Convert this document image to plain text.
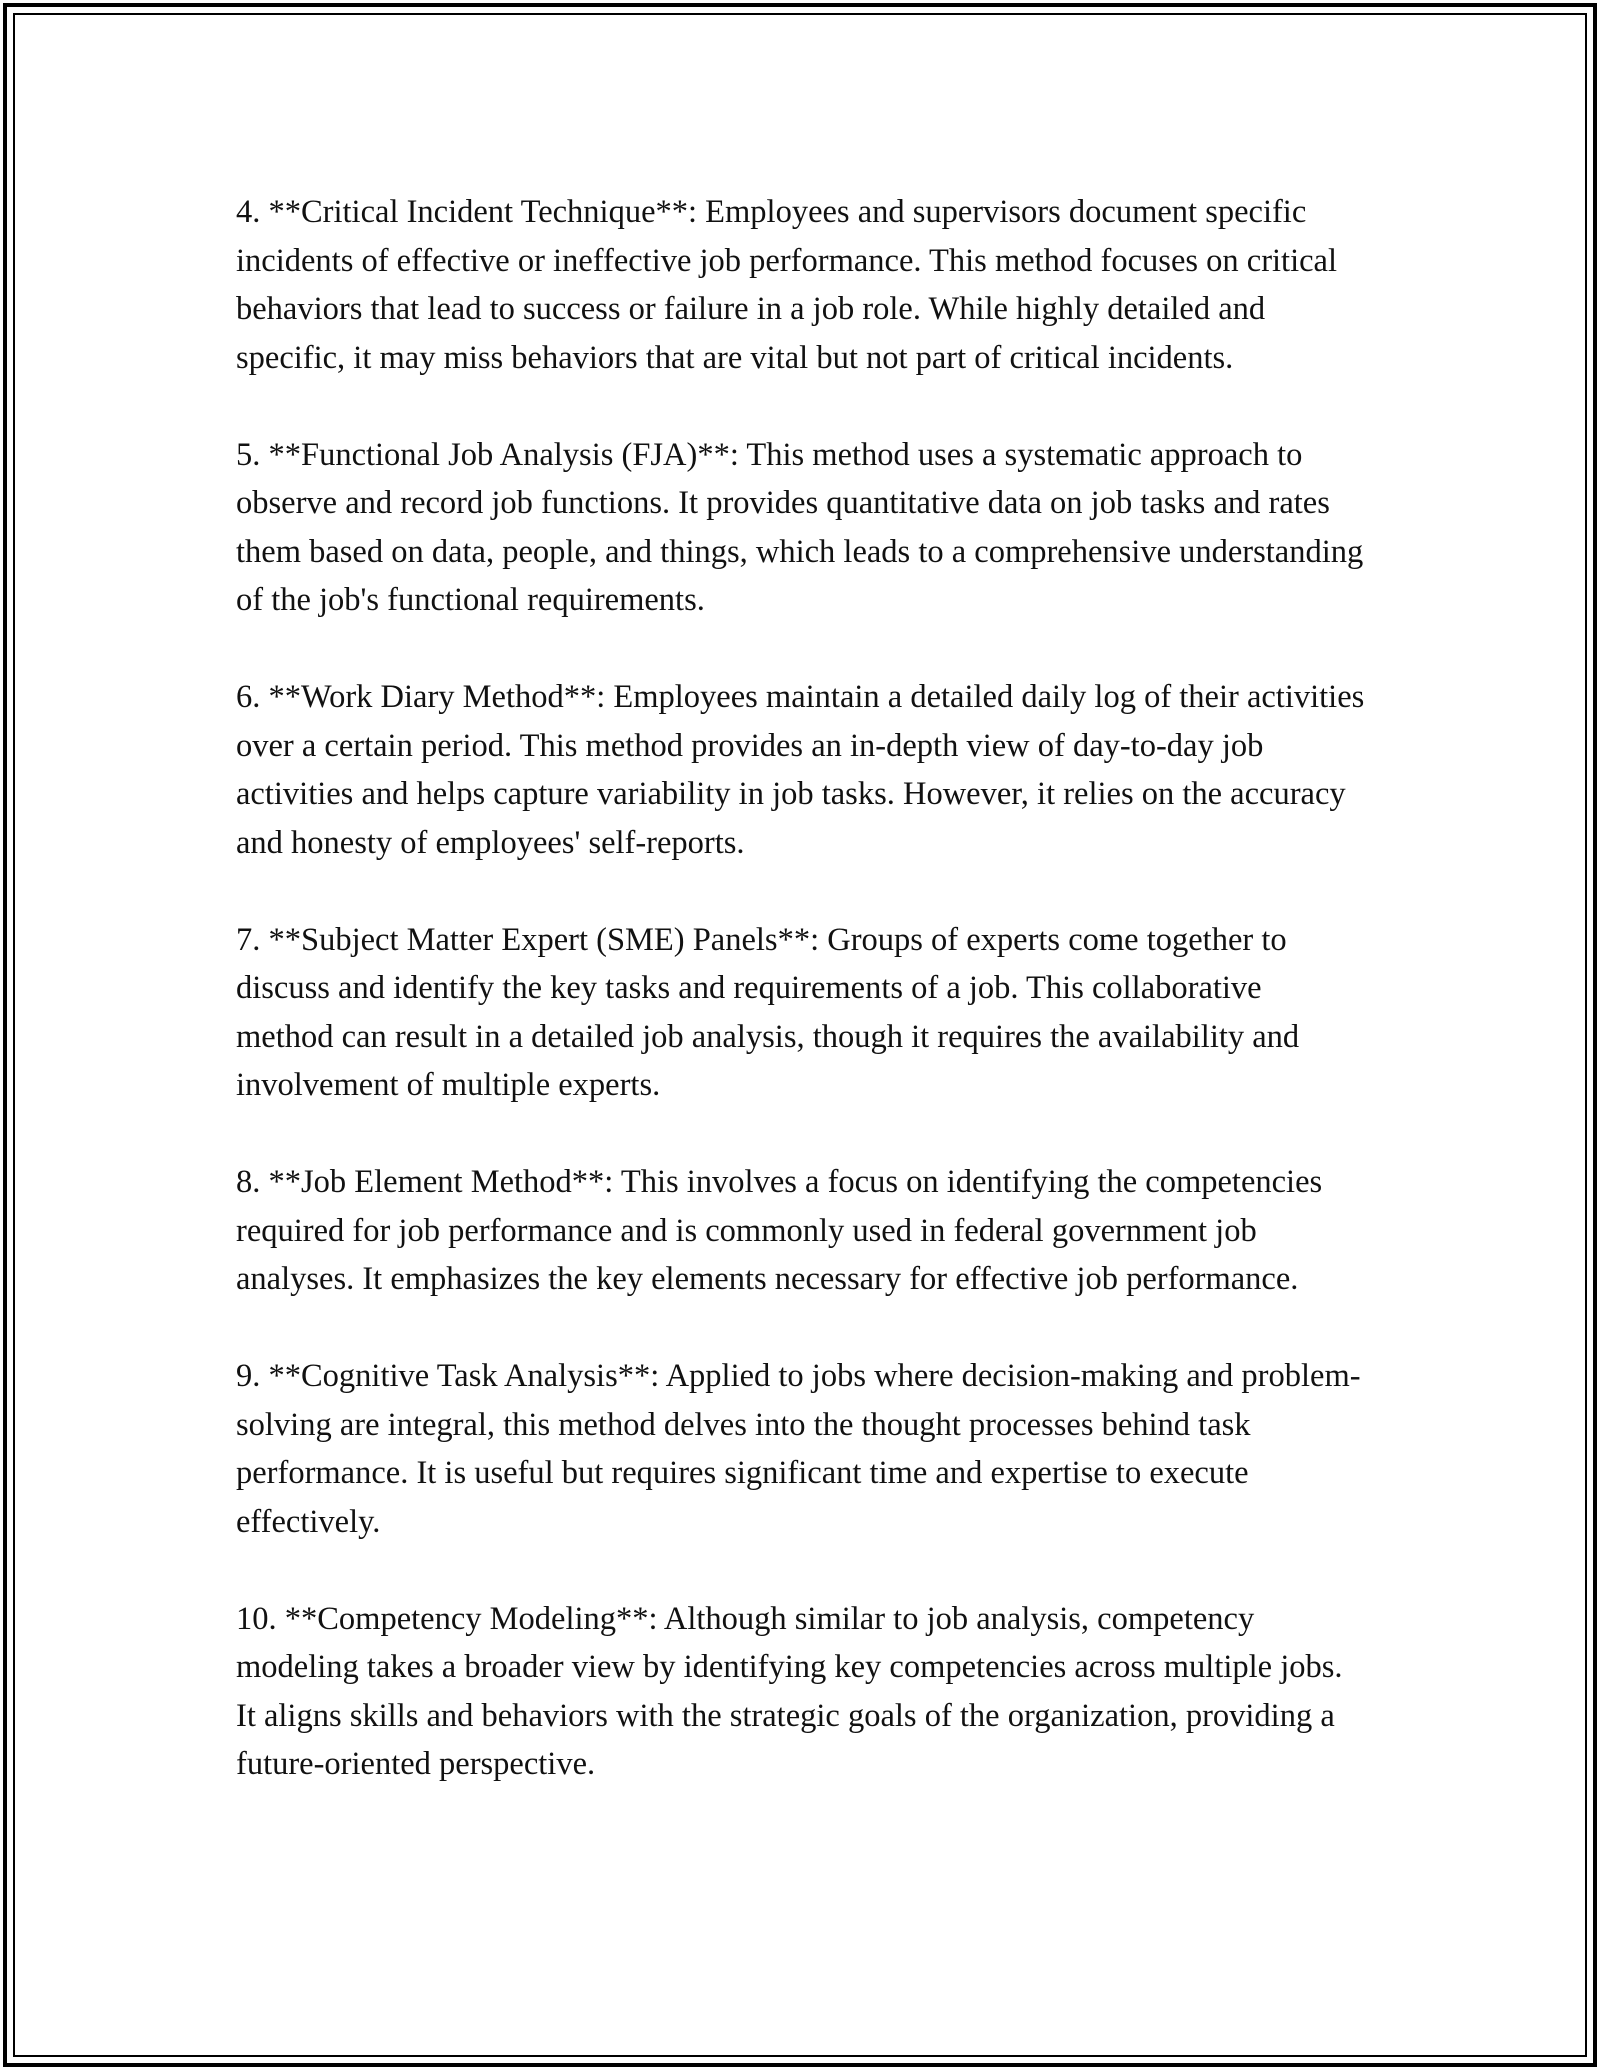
4. **Critical Incident Technique**: Employees and supervisors document specific incidents of effective or ineffective job performance. This method focuses on critical behaviors that lead to success or failure in a job role. While highly detailed and specific, it may miss behaviors that are vital but not part of critical incidents.

5. **Functional Job Analysis (FJA)**: This method uses a systematic approach to observe and record job functions. It provides quantitative data on job tasks and rates them based on data, people, and things, which leads to a comprehensive understanding of the job's functional requirements.

6. **Work Diary Method**: Employees maintain a detailed daily log of their activities over a certain period. This method provides an in-depth view of day-to-day job activities and helps capture variability in job tasks. However, it relies on the accuracy and honesty of employees' self-reports.

7. **Subject Matter Expert (SME) Panels**: Groups of experts come together to discuss and identify the key tasks and requirements of a job. This collaborative method can result in a detailed job analysis, though it requires the availability and involvement of multiple experts.

8. **Job Element Method**: This involves a focus on identifying the competencies required for job performance and is commonly used in federal government job analyses. It emphasizes the key elements necessary for effective job performance.

9. **Cognitive Task Analysis**: Applied to jobs where decision-making and problem-solving are integral, this method delves into the thought processes behind task performance. It is useful but requires significant time and expertise to execute effectively.

10. **Competency Modeling**: Although similar to job analysis, competency modeling takes a broader view by identifying key competencies across multiple jobs. It aligns skills and behaviors with the strategic goals of the organization, providing a future-oriented perspective.
